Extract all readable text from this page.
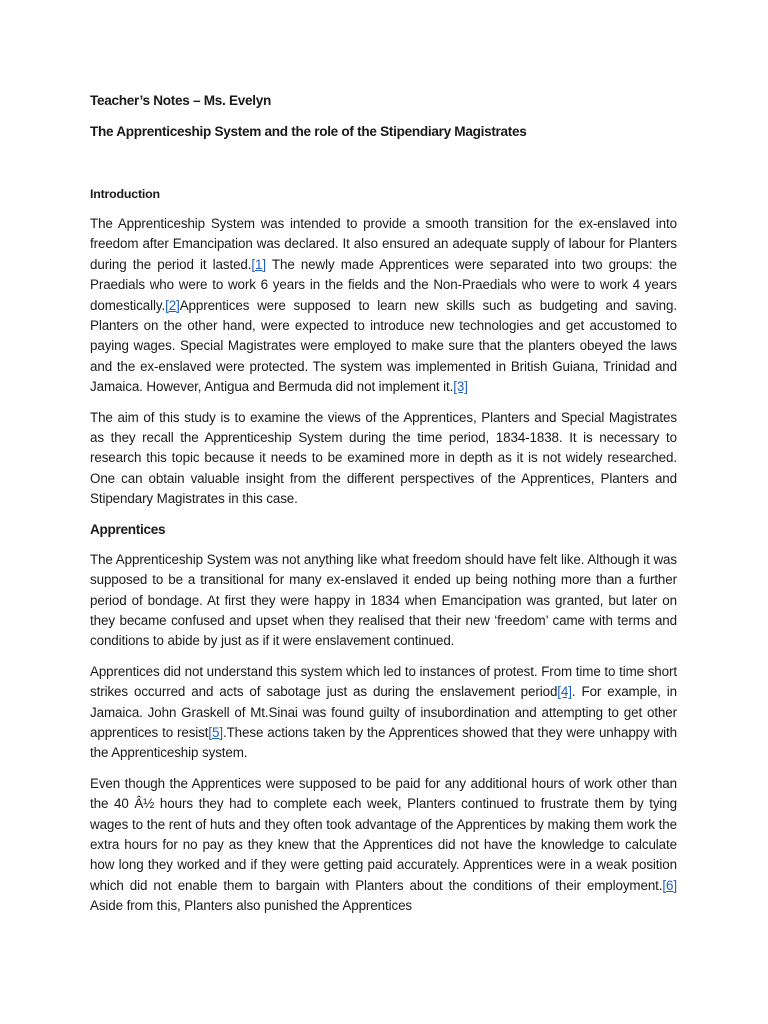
Teacher’s Notes – Ms. Evelyn
The Apprenticeship System and the role of the Stipendiary Magistrates
Introduction

The Apprenticeship System was intended to provide a smooth transition for the ex-enslaved into freedom after Emancipation was declared. It also ensured an adequate supply of labour for Planters during the period it lasted.[1] The newly made Apprentices were separated into two groups: the Praedials who were to work 6 years in the fields and the Non-Praedials who were to work 4 years domestically.[2]Apprentices were supposed to learn new skills such as budgeting and saving. Planters on the other hand, were expected to introduce new technologies and get accustomed to paying wages. Special Magistrates were employed to make sure that the planters obeyed the laws and the ex-enslaved were protected. The system was implemented in British Guiana, Trinidad and Jamaica. However, Antigua and Bermuda did not implement it.[3]

The aim of this study is to examine the views of the Apprentices, Planters and Special Magistrates as they recall the Apprenticeship System during the time period, 1834-1838. It is necessary to research this topic because it needs to be examined more in depth as it is not widely researched. One can obtain valuable insight from the different perspectives of the Apprentices, Planters and Stipendary Magistrates in this case.

Apprentices

The Apprenticeship System was not anything like what freedom should have felt like. Although it was supposed to be a transitional for many ex-enslaved it ended up being nothing more than a further period of bondage. At first they were happy in 1834 when Emancipation was granted, but later on they became confused and upset when they realised that their new ‘freedom’ came with terms and conditions to abide by just as if it were enslavement continued.

Apprentices did not understand this system which led to instances of protest. From time to time short strikes occurred and acts of sabotage just as during the enslavement period[4]. For example, in Jamaica. John Graskell of Mt.Sinai was found guilty of insubordination and attempting to get other apprentices to resist[5].These actions taken by the Apprentices showed that they were unhappy with the Apprenticeship system.

Even though the Apprentices were supposed to be paid for any additional hours of work other than the 40 Â½ hours they had to complete each week, Planters continued to frustrate them by tying wages to the rent of huts and they often took advantage of the Apprentices by making them work the extra hours for no pay as they knew that the Apprentices did not have the knowledge to calculate how long they worked and if they were getting paid accurately. Apprentices were in a weak position which did not enable them to bargain with Planters about the conditions of their employment.[6] Aside from this, Planters also punished the Apprentices
